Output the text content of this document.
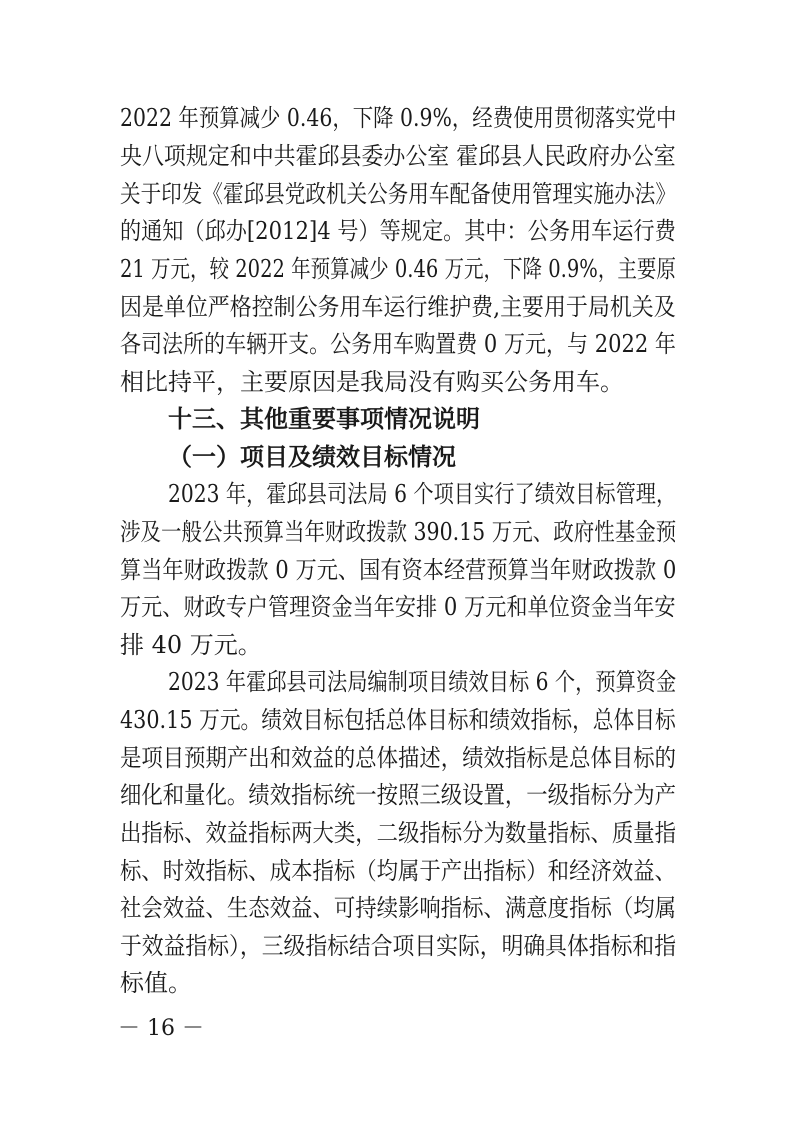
2022 年预算减少 0.46，下降 0.9%，经费使用贯彻落实党中

央八项规定和中共霍邱县委办公室 霍邱县人民政府办公室

关于印发《霍邱县党政机关公务用车配备使用管理实施办法》

的通知（邱办[2012]4 号）等规定。其中：公务用车运行费

21 万元，较 2022 年预算减少 0.46 万元，下降 0.9%，主要原

因是单位严格控制公务用车运行维护费,主要用于局机关及

各司法所的车辆开支。公务用车购置费 0 万元，与 2022 年

相比持平，主要原因是我局没有购买公务用车。

十三、其他重要事项情况说明

（一）项目及绩效目标情况

2023 年，霍邱县司法局 6 个项目实行了绩效目标管理，

涉及一般公共预算当年财政拨款 390.15 万元、政府性基金预

算当年财政拨款 0 万元、国有资本经营预算当年财政拨款 0

万元、财政专户管理资金当年安排 0 万元和单位资金当年安

排 40 万元。

2023 年霍邱县司法局编制项目绩效目标 6 个，预算资金

430.15 万元。绩效目标包括总体目标和绩效指标，总体目标

是项目预期产出和效益的总体描述，绩效指标是总体目标的

细化和量化。绩效指标统一按照三级设置，一级指标分为产

出指标、效益指标两大类，二级指标分为数量指标、质量指

标、时效指标、成本指标（均属于产出指标）和经济效益、

社会效益、生态效益、可持续影响指标、满意度指标（均属

于效益指标），三级指标结合项目实际，明确具体指标和指

标值。

－ 16 －
